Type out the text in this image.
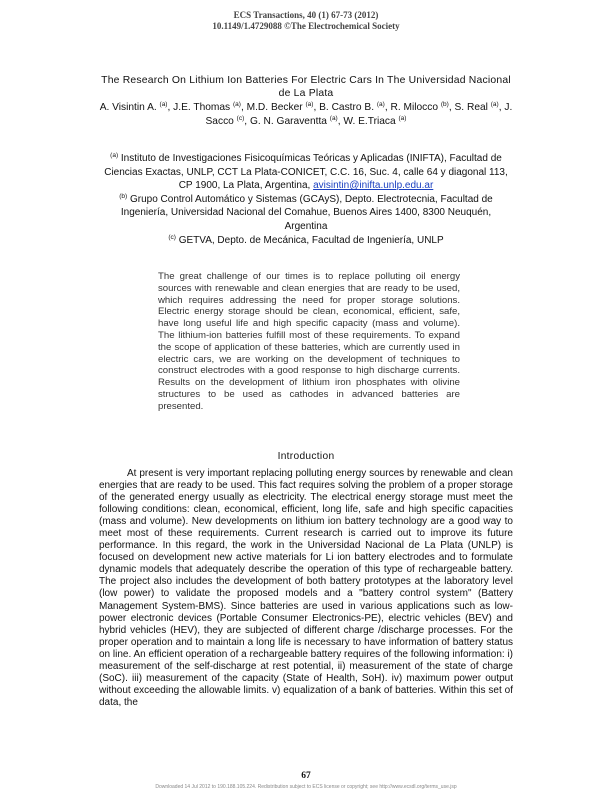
ECS Transactions, 40 (1) 67-73 (2012)
10.1149/1.4729088 ©The Electrochemical Society
The Research On Lithium Ion Batteries For Electric Cars In The Universidad Nacional de La Plata
A. Visintin A. $^{(a)}$, J.E. Thomas $^{(a)}$, M.D. Becker $^{(a)}$, B. Castro B. $^{(a)}$, R. Milocco $^{(b)}$, S. Real $^{(a)}$, J. Sacco $^{(c)}$, G. N. Garaventta $^{(a)}$, W. E.Triaca $^{(a)}$
$^{(a)}$ Instituto de Investigaciones Fisicoquímicas Teóricas y Aplicadas (INIFTA), Facultad de Ciencias Exactas, UNLP, CCT La Plata-CONICET, C.C. 16, Suc. 4, calle 64 y diagonal 113, CP 1900, La Plata, Argentina, avisintin@inifta.unlp.edu.ar
$^{(b)}$ Grupo Control Automático y Sistemas (GCAyS), Depto. Electrotecnia, Facultad de Ingeniería, Universidad Nacional del Comahue, Buenos Aires 1400, 8300 Neuquén, Argentina
$^{(c)}$ GETVA, Depto. de Mecánica, Facultad de Ingeniería, UNLP
The great challenge of our times is to replace polluting oil energy sources with renewable and clean energies that are ready to be used, which requires addressing the need for proper storage solutions. Electric energy storage should be clean, economical, efficient, safe, have long useful life and high specific capacity (mass and volume). The lithium-ion batteries fulfill most of these requirements. To expand the scope of application of these batteries, which are currently used in electric cars, we are working on the development of techniques to construct electrodes with a good response to high discharge currents. Results on the development of lithium iron phosphates with olivine structures to be used as cathodes in advanced batteries are presented.
Introduction
At present is very important replacing polluting energy sources by renewable and clean energies that are ready to be used. This fact requires solving the problem of a proper storage of the generated energy usually as electricity. The electrical energy storage must meet the following conditions: clean, economical, efficient, long life, safe and high specific capacities (mass and volume). New developments on lithium ion battery technology are a good way to meet most of these requirements. Current research is carried out to improve its future performance. In this regard, the work in the Universidad Nacional de La Plata (UNLP) is focused on development new active materials for Li ion battery electrodes and to formulate dynamic models that adequately describe the operation of this type of rechargeable battery. The project also includes the development of both battery prototypes at the laboratory level (low power) to validate the proposed models and a "battery control system" (Battery Management System-BMS). Since batteries are used in various applications such as low-power electronic devices (Portable Consumer Electronics-PE), electric vehicles (BEV) and hybrid vehicles (HEV), they are subjected of different charge /discharge processes. For the proper operation and to maintain a long life is necessary to have information of battery status on line. An efficient operation of a rechargeable battery requires of the following information: i) measurement of the self-discharge at rest potential, ii) measurement of the state of charge (SoC). iii) measurement of the capacity (State of Health, SoH). iv) maximum power output without exceeding the allowable limits. v) equalization of a bank of batteries. Within this set of data, the
67
Downloaded 14 Jul 2012 to 190.188.105.224. Redistribution subject to ECS license or copyright; see http://www.ecsdl.org/terms_use.jsp
